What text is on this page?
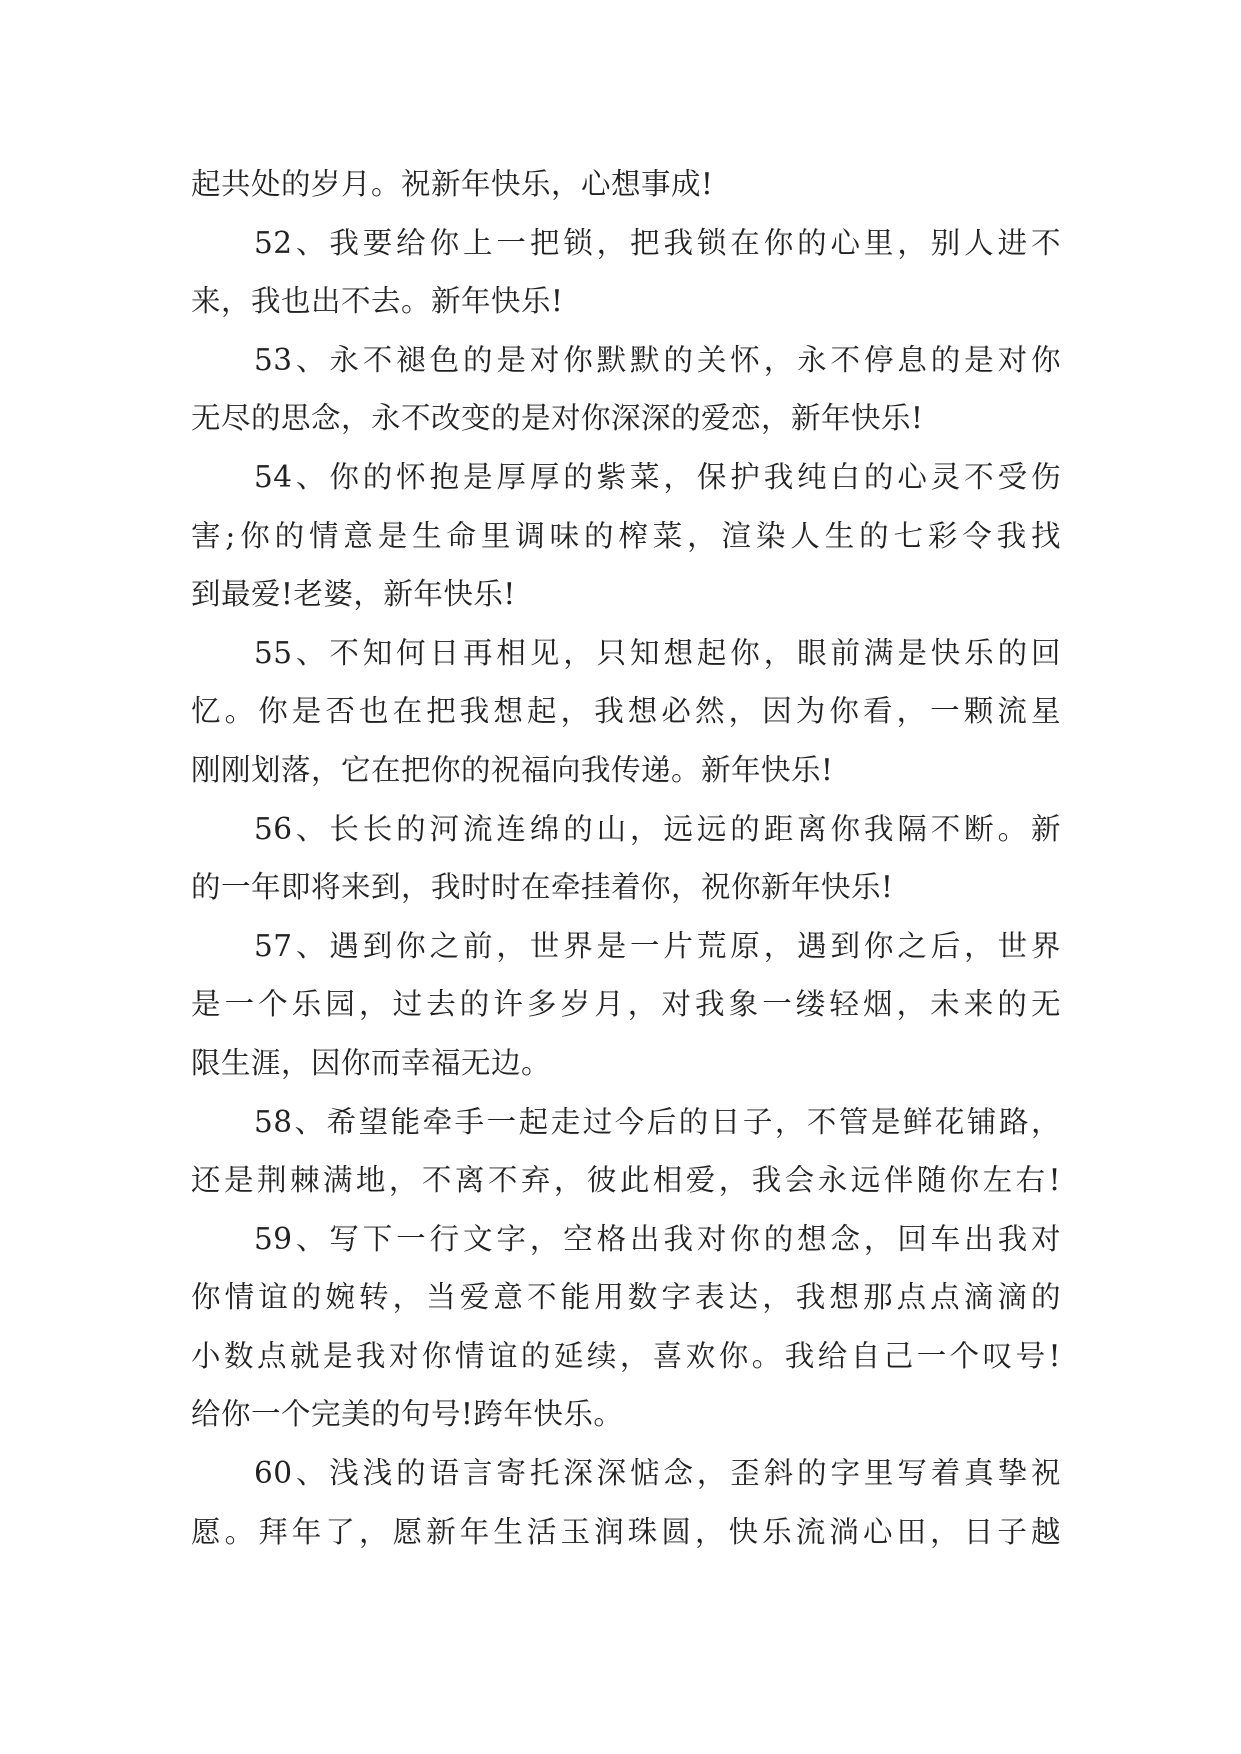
起共处的岁月。祝新年快乐，心想事成!
52、我要给你上一把锁，把我锁在你的心里，别人进不
来，我也出不去。新年快乐!
53、永不褪色的是对你默默的关怀，永不停息的是对你
无尽的思念，永不改变的是对你深深的爱恋，新年快乐!
54、你的怀抱是厚厚的紫菜，保护我纯白的心灵不受伤
害;你的情意是生命里调味的榨菜，渲染人生的七彩令我找
到最爱!老婆，新年快乐!
55、不知何日再相见，只知想起你，眼前满是快乐的回
忆。你是否也在把我想起，我想必然，因为你看，一颗流星
刚刚划落，它在把你的祝福向我传递。新年快乐!
56、长长的河流连绵的山，远远的距离你我隔不断。新
的一年即将来到，我时时在牵挂着你，祝你新年快乐!
57、遇到你之前，世界是一片荒原，遇到你之后，世界
是一个乐园，过去的许多岁月，对我象一缕轻烟，未来的无
限生涯，因你而幸福无边。
58、希望能牵手一起走过今后的日子，不管是鲜花铺路，
还是荆棘满地，不离不弃，彼此相爱，我会永远伴随你左右!
59、写下一行文字，空格出我对你的想念，回车出我对
你情谊的婉转，当爱意不能用数字表达，我想那点点滴滴的
小数点就是我对你情谊的延续，喜欢你。我给自己一个叹号!
给你一个完美的句号!跨年快乐。
60、浅浅的语言寄托深深惦念，歪斜的字里写着真挚祝
愿。拜年了，愿新年生活玉润珠圆，快乐流淌心田，日子越
